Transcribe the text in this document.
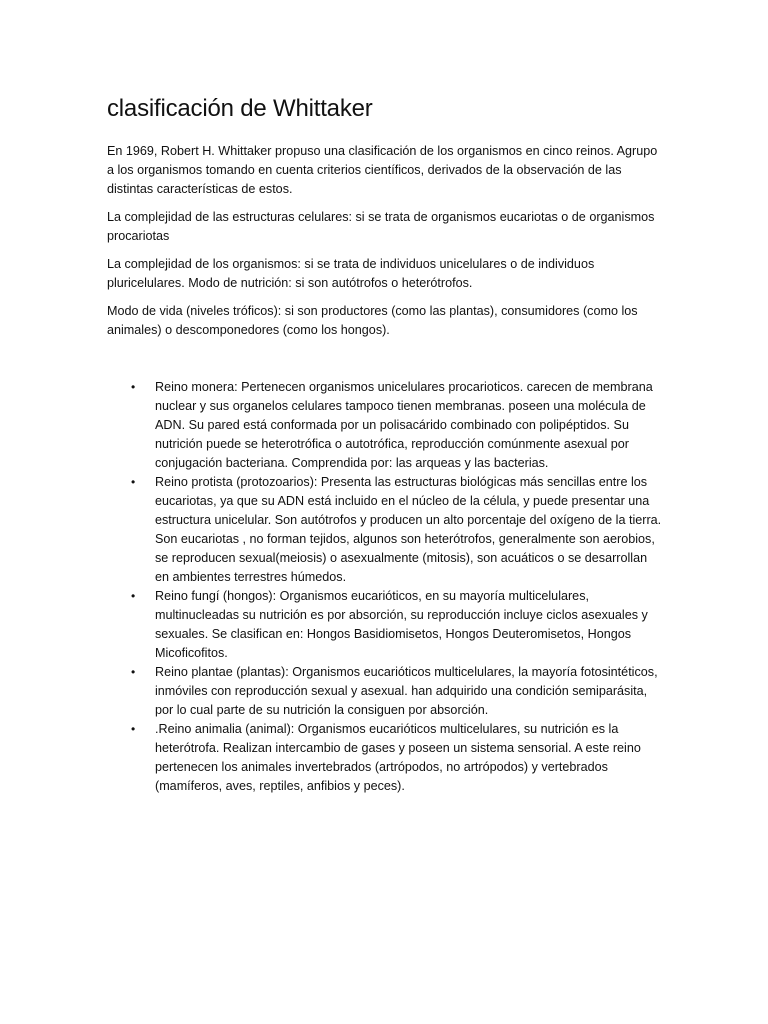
clasificación de Whittaker

En 1969, Robert H. Whittaker propuso una clasificación de los organismos en cinco reinos. Agrupo a los organismos tomando en cuenta criterios científicos, derivados de la observación de las distintas características de estos.

La complejidad de las estructuras celulares: si se trata de organismos eucariotas o de organismos procariotas

La complejidad de los organismos: si se trata de individuos unicelulares o de individuos pluricelulares. Modo de nutrición: si son autótrofos o heterótrofos.

Modo de vida (niveles tróficos): si son productores (como las plantas), consumidores (como los animales) o descomponedores (como los hongos).

• Reino monera: Pertenecen organismos unicelulares procarioticos. carecen de membrana nuclear y sus organelos celulares tampoco tienen membranas. poseen una molécula de ADN. Su pared está conformada por un polisacárido combinado con polipéptidos. Su nutrición puede se heterotrófica o autotrófica, reproducción comúnmente asexual por conjugación bacteriana. Comprendida por: las arqueas y las bacterias.
• Reino protista (protozoarios): Presenta las estructuras biológicas más sencillas entre los eucariotas, ya que su ADN está incluido en el núcleo de la célula, y puede presentar una estructura unicelular. Son autótrofos y producen un alto porcentaje del oxígeno de la tierra. Son eucariotas , no forman tejidos, algunos son heterótrofos, generalmente son aerobios, se reproducen sexual(meiosis) o asexualmente (mitosis), son acuáticos o se desarrollan en ambientes terrestres húmedos.
• Reino fungí (hongos): Organismos eucarióticos, en su mayoría multicelulares, multinucleadas su nutrición es por absorción, su reproducción incluye ciclos asexuales y sexuales. Se clasifican en: Hongos Basidiomisetos, Hongos Deuteromisetos, Hongos Micoficofitos.
• Reino plantae (plantas): Organismos eucarióticos multicelulares, la mayoría fotosintéticos, inmóviles con reproducción sexual y asexual. han adquirido una condición semiparásita, por lo cual parte de su nutrición la consiguen por absorción.
• .Reino animalia (animal): Organismos eucarióticos multicelulares, su nutrición es la heterótrofa. Realizan intercambio de gases y poseen un sistema sensorial. A este reino pertenecen los animales invertebrados (artrópodos, no artrópodos) y vertebrados (mamíferos, aves, reptiles, anfibios y peces).
